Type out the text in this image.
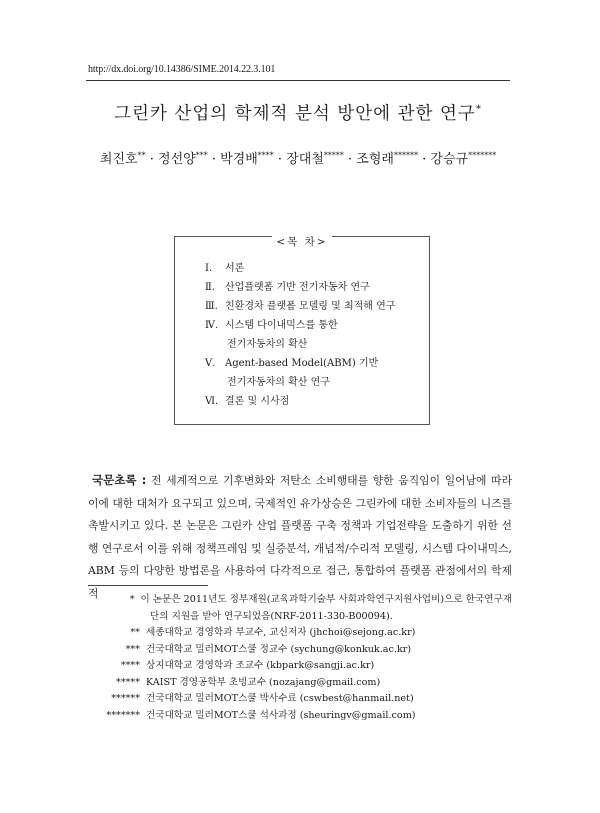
http://dx.doi.org/10.14386/SIME.2014.22.3.101
그린카 산업의 학제적 분석 방안에 관한 연구*
최진호** · 정선양*** · 박경배**** · 장대철***** · 조형래****** · 강승규*******
<목 차>
Ⅰ.	서론
Ⅱ.	산업플랫폼 기반 전기자동차 연구
Ⅲ. 친환경차 플랫폼 모델링 및 최적해 연구
Ⅳ. 시스템 다이내믹스를 통한
전기자동차의 확산
Ⅴ. Agent-based Model(ABM) 기반
전기자동차의 확산 연구
Ⅵ. 결론 및 시사점

국문초록 : 전 세계적으로 기후변화와 저탄소 소비행태를 향한 움직임이 일어남에 따라 이에 대한 대처가 요구되고 있으며, 국제적인 유가상승은 그린카에 대한 소비자들의 니즈를 촉발시키고 있다. 본 논문은 그린카 산업 플랫폼 구축 정책과 기업전략을 도출하기 위한 선행 연구로서 이를 위해 정책프레임 및 실증분석, 개념적/수리적 모델링, 시스템 다이내믹스, ABM 등의 다양한 방법론을 사용하여 다각적으로 접근, 통합하여 플랫폼 관점에서의 학제적	* 이 논문은 2011년도 정부재원(교육과학기술부 사회과학연구지원사업비)으로 한국연구재
단의 지원을 받아 연구되었음(NRF-2011-330-B00094).
** 세종대학교 경영학과 부교수, 교신저자 (jhchoi@sejong.ac.kr)
*** 건국대학교 밀러MOT스쿨 정교수 (sychung@konkuk.ac.kr)
**** 상지대학교 경영학과 조교수 (kbpark@sangji.ac.kr)
***** KAIST 경영공학부 초빙교수 (nozajang@gmail.com)
****** 건국대학교 밀러MOT스쿨 박사수료 (cswbest@hanmail.net)
******* 건국대학교 밀러MOT스쿨 석사과정 (sheuringv@gmail.com)
